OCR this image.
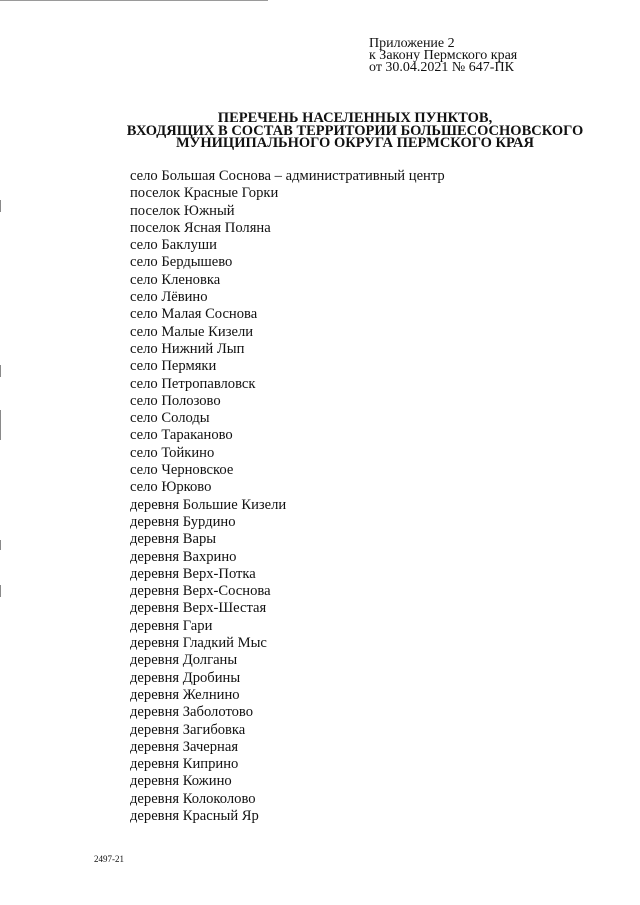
Приложение 2
к Закону Пермского края
от 30.04.2021 № 647-ПК
ПЕРЕЧЕНЬ НАСЕЛЕННЫХ ПУНКТОВ,
ВХОДЯЩИХ В СОСТАВ ТЕРРИТОРИИ БОЛЬШЕСОСНОВСКОГО
МУНИЦИПАЛЬНОГО ОКРУГА ПЕРМСКОГО КРАЯ
село Большая Соснова – административный центр
поселок Красные Горки
поселок Южный
поселок Ясная Поляна
село Баклуши
село Бердышево
село Кленовка
село Лёвино
село Малая Соснова
село Малые Кизели
село Нижний Лып
село Пермяки
село Петропавловск
село Полозово
село Солоды
село Тараканово
село Тойкино
село Черновское
село Юрково
деревня Большие Кизели
деревня Бурдино
деревня Вары
деревня Вахрино
деревня Верх-Потка
деревня Верх-Соснова
деревня Верх-Шестая
деревня Гари
деревня Гладкий Мыс
деревня Долганы
деревня Дробины
деревня Желнино
деревня Заболотово
деревня Загибовка
деревня Зачерная
деревня Киприно
деревня Кожино
деревня Колоколово
деревня Красный Яр
2497-21
